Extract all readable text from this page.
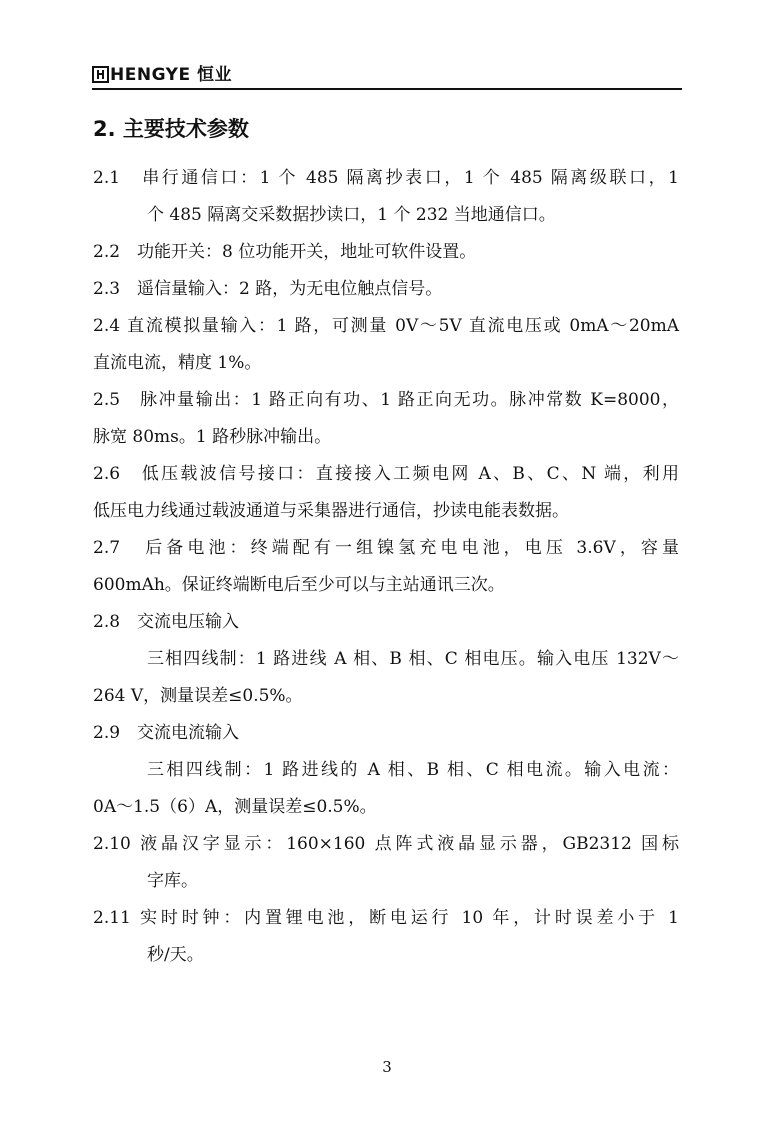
HENGYE 恒业
2. 主要技术参数
2.1　串行通信口：1 个 485 隔离抄表口，1 个 485 隔离级联口，1
个 485 隔离交采数据抄读口，1 个 232 当地通信口。
2.2　功能开关：8 位功能开关，地址可软件设置。
2.3　遥信量输入：2 路，为无电位触点信号。
2.4 直流模拟量输入：1 路，可测量 0V～5V 直流电压或 0mA～20mA
直流电流，精度 1%。
2.5　脉冲量输出：1 路正向有功、1 路正向无功。脉冲常数 K=8000，
脉宽 80ms。1 路秒脉冲输出。
2.6　低压载波信号接口：直接接入工频电网 A、B、C、N 端，利用
低压电力线通过载波通道与采集器进行通信，抄读电能表数据。
2.7　后备电池：终端配有一组镍氢充电电池，电压 3.6V，容量
600mAh。保证终端断电后至少可以与主站通讯三次。
2.8　交流电压输入
三相四线制：1 路进线 A 相、B 相、C 相电压。输入电压 132V～
264 V，测量误差≤0.5%。
2.9　交流电流输入
三相四线制：1 路进线的 A 相、B 相、C 相电流。输入电流：
0A～1.5（6）A，测量误差≤0.5%。
2.10 液晶汉字显示：160×160 点阵式液晶显示器，GB2312 国标
字库。
2.11 实时时钟：内置锂电池，断电运行 10 年，计时误差小于 1
秒/天。
3
